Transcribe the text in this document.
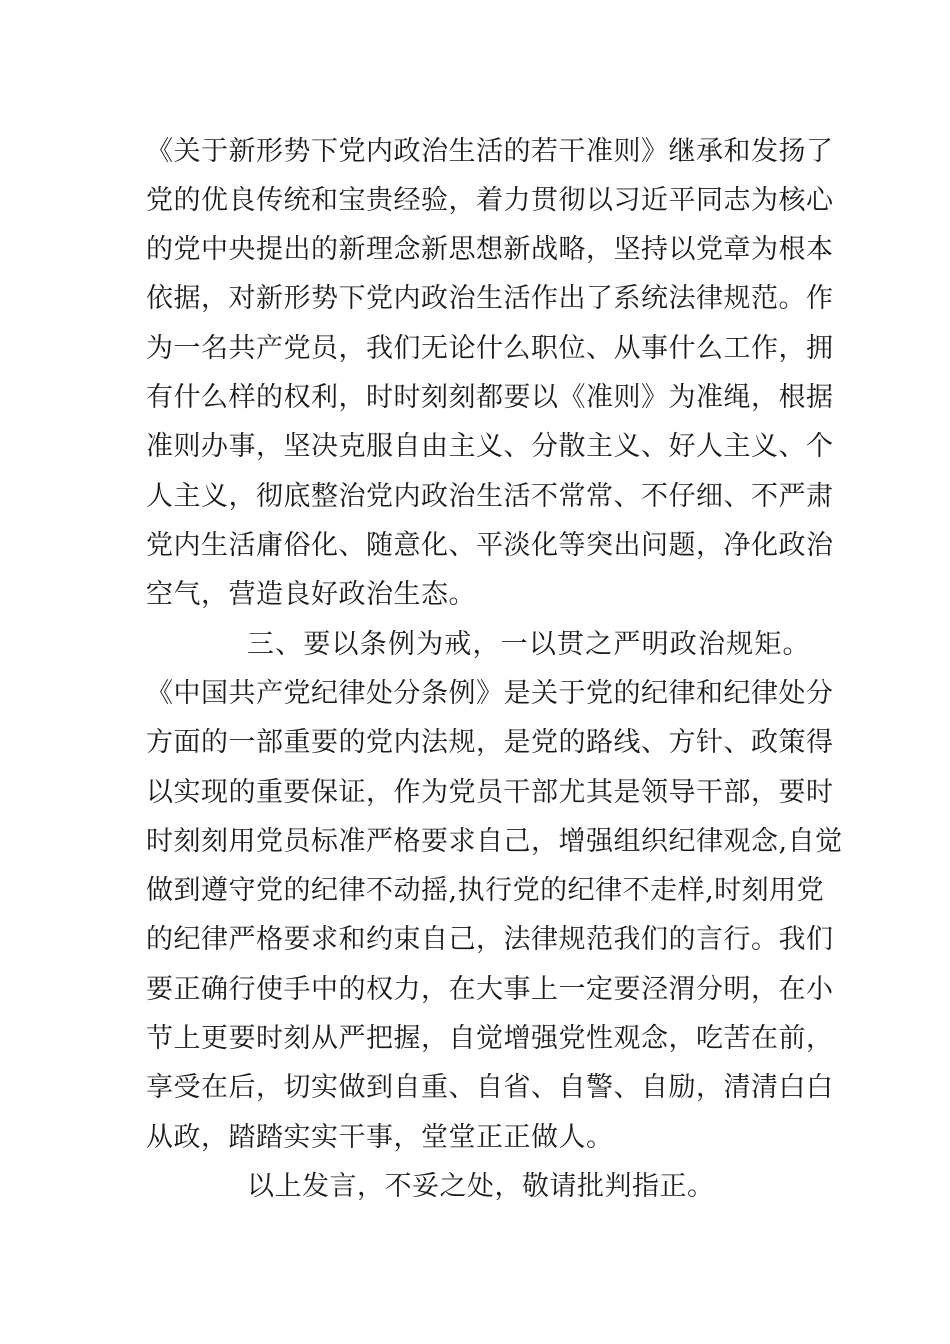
《关于新形势下党内政治生活的若干准则》继承和发扬了
党的优良传统和宝贵经验，着力贯彻以习近平同志为核心
的党中央提出的新理念新思想新战略，坚持以党章为根本
依据，对新形势下党内政治生活作出了系统法律规范。作
为一名共产党员，我们无论什么职位、从事什么工作，拥
有什么样的权利，时时刻刻都要以《准则》为准绳，根据
准则办事，坚决克服自由主义、分散主义、好人主义、个
人主义，彻底整治党内政治生活不常常、不仔细、不严肃
党内生活庸俗化、随意化、平淡化等突出问题，净化政治
空气，营造良好政治生态。
三、要以条例为戒，一以贯之严明政治规矩。
《中国共产党纪律处分条例》是关于党的纪律和纪律处分
方面的一部重要的党内法规，是党的路线、方针、政策得
以实现的重要保证，作为党员干部尤其是领导干部，要时
时刻刻用党员标准严格要求自己，增强组织纪律观念,自觉
做到遵守党的纪律不动摇,执行党的纪律不走样,时刻用党
的纪律严格要求和约束自己，法律规范我们的言行。我们
要正确行使手中的权力，在大事上一定要泾渭分明，在小
节上更要时刻从严把握，自觉增强党性观念，吃苦在前，
享受在后，切实做到自重、自省、自警、自励，清清白白
从政，踏踏实实干事，堂堂正正做人。
以上发言，不妥之处，敬请批判指正。
